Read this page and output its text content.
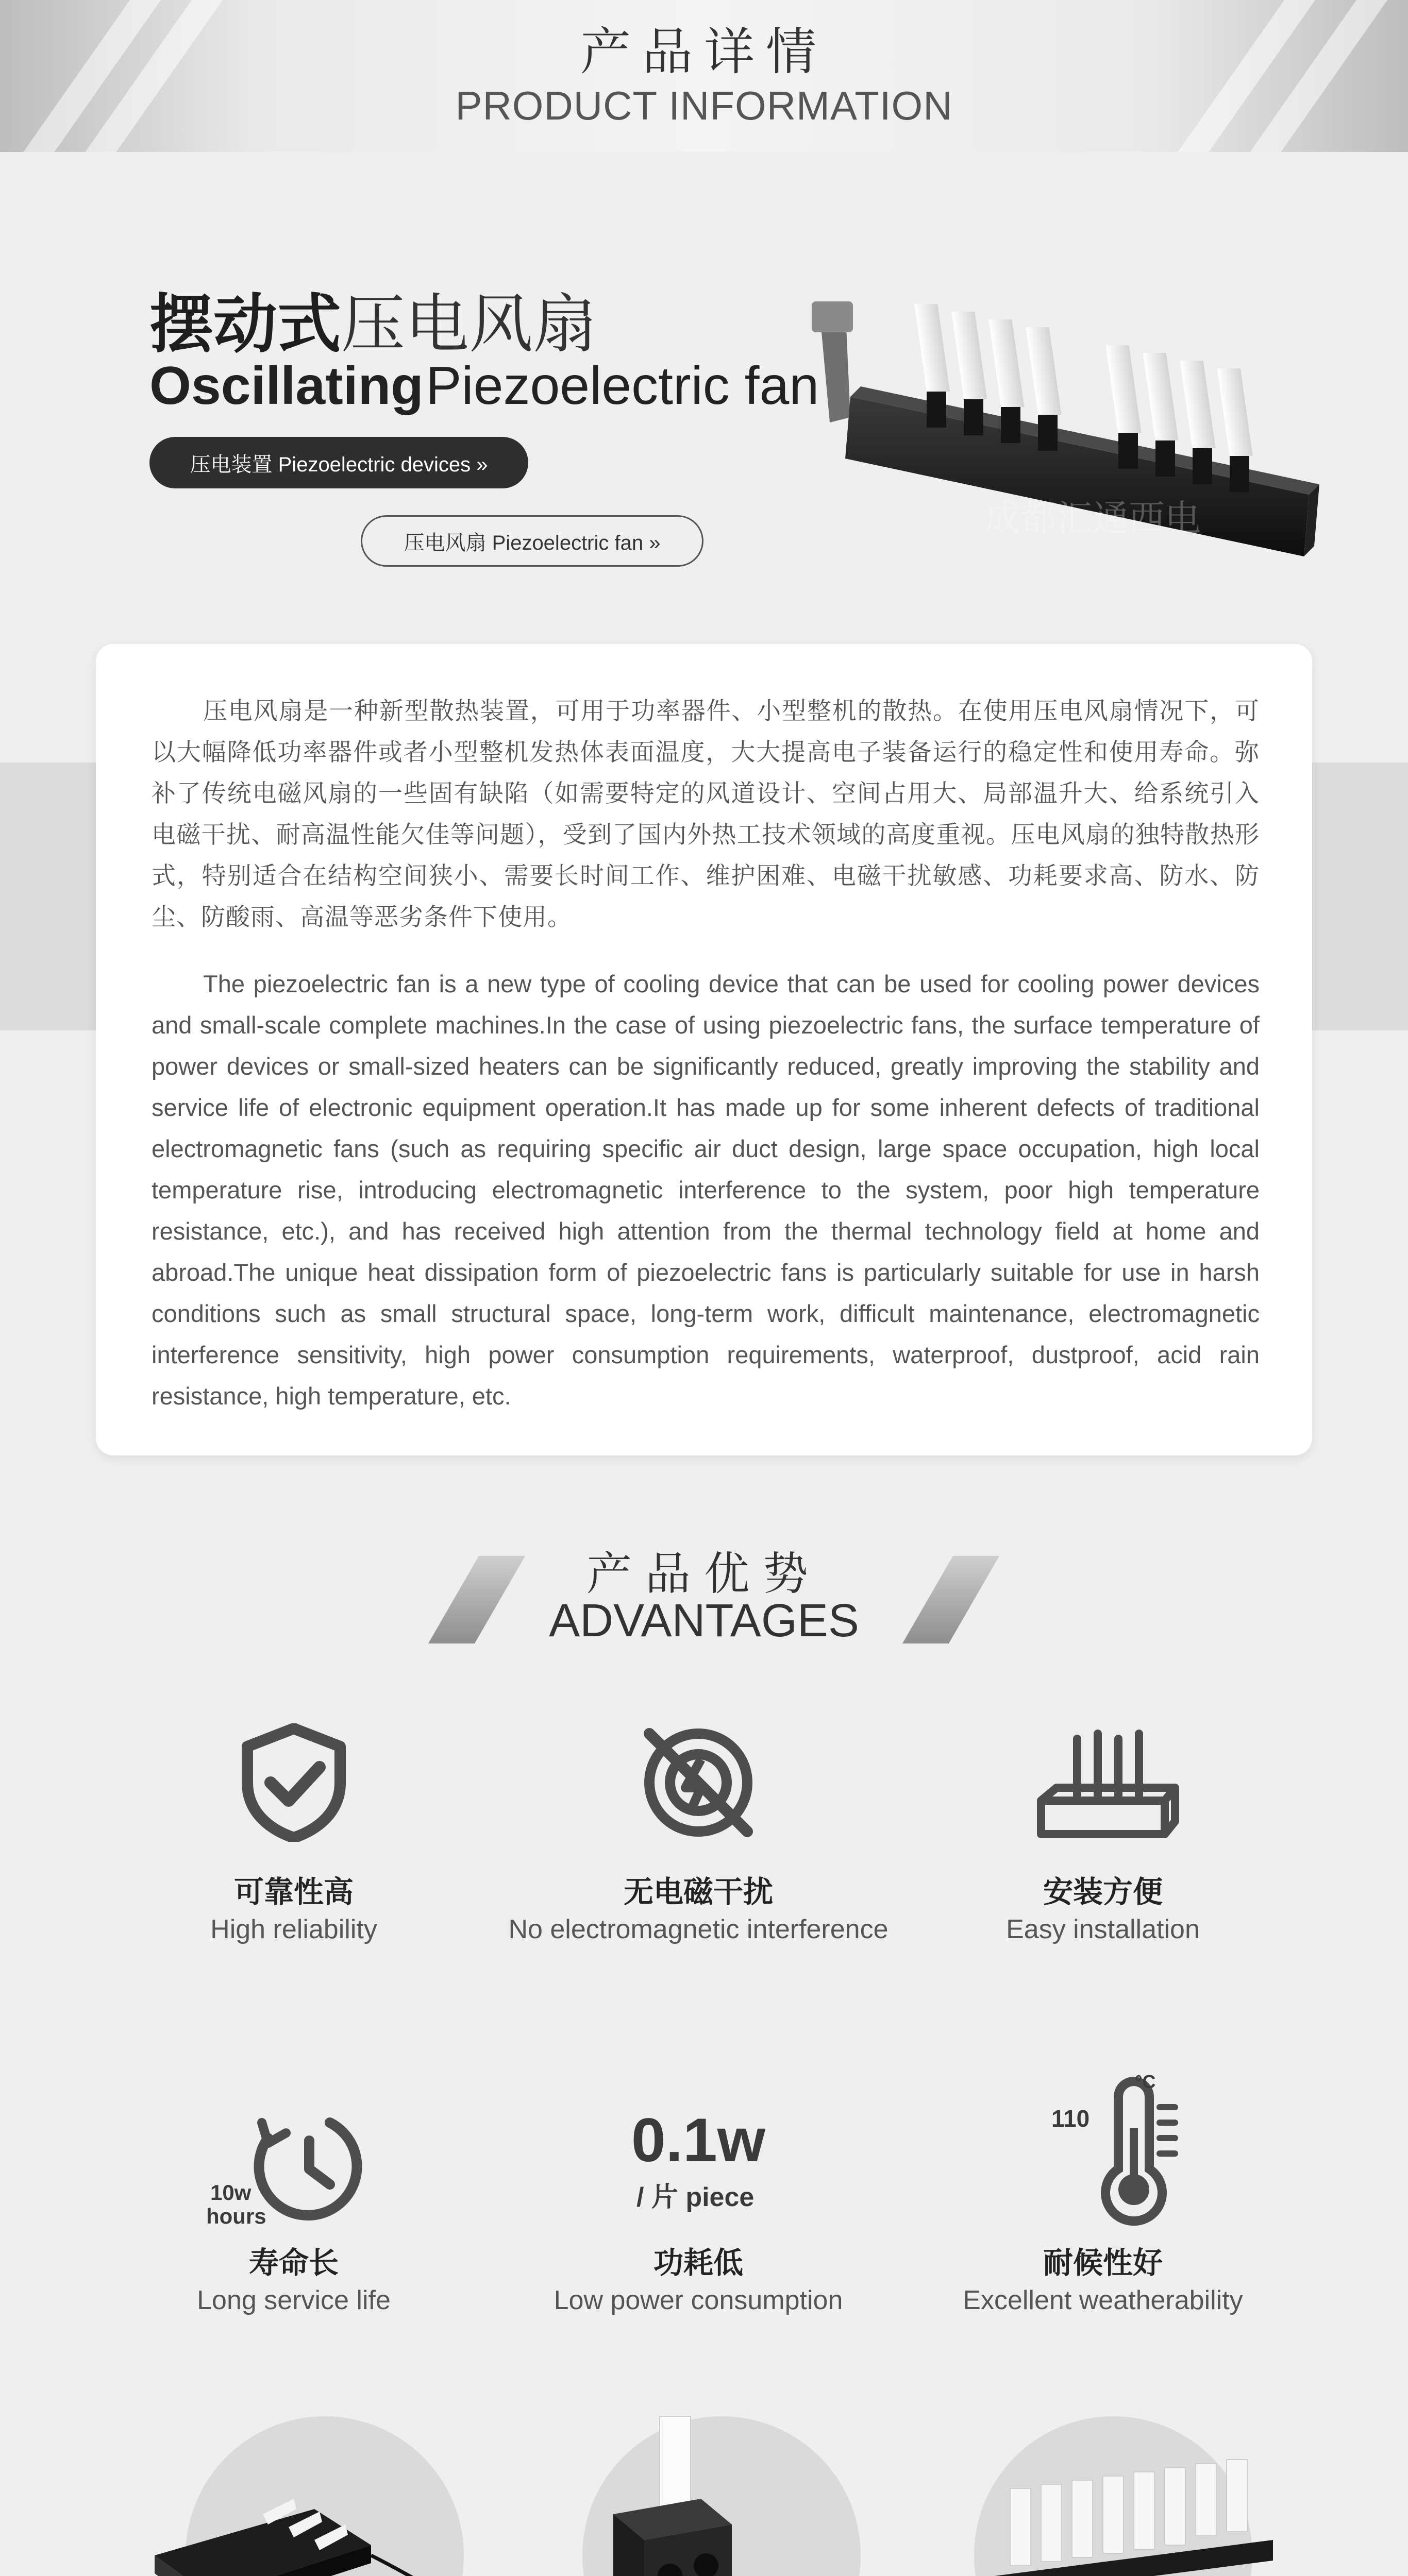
产品详情
PRODUCT INFORMATION
摆动式压电风扇
Oscillating Piezoelectric fan
压电装置 Piezoelectric devices »
压电风扇 Piezoelectric fan »
成都汇通西电

压电风扇是一种新型散热装置，可用于功率器件、小型整机的散热。在使用压电风扇情况下，可以大幅降低功率器件或者小型整机发热体表面温度，大大提高电子装备运行的稳定性和使用寿命。弥补了传统电磁风扇的一些固有缺陷（如需要特定的风道设计、空间占用大、局部温升大、给系统引入电磁干扰、耐高温性能欠佳等问题），受到了国内外热工技术领域的高度重视。压电风扇的独特散热形式，特别适合在结构空间狭小、需要长时间工作、维护困难、电磁干扰敏感、功耗要求高、防水、防尘、防酸雨、高温等恶劣条件下使用。

The piezoelectric fan is a new type of cooling device that can be used for cooling power devices and small-scale complete machines.In the case of using piezoelectric fans, the surface temperature of power devices or small-sized heaters can be significantly reduced, greatly improving the stability and service life of electronic equipment operation.It has made up for some inherent defects of traditional electromagnetic fans (such as requiring specific air duct design, large space occupation, high local temperature rise, introducing electromagnetic interference to the system, poor high temperature resistance, etc.), and has received high attention from the thermal technology field at home and abroad.The unique heat dissipation form of piezoelectric fans is particularly suitable for use in harsh conditions such as small structural space, long-term work, difficult maintenance, electromagnetic interference sensitivity, high power consumption requirements, waterproof, dustproof, acid rain resistance, high temperature, etc.

产品优势
ADVANTAGES
可靠性高
High reliability
无电磁干扰
No electromagnetic interference
安装方便
Easy installation
10w
hours
0.1w
/ 片 piece
110
°C
寿命长
Long service life
功耗低
Low power consumption
耐候性好
Excellent weatherability
